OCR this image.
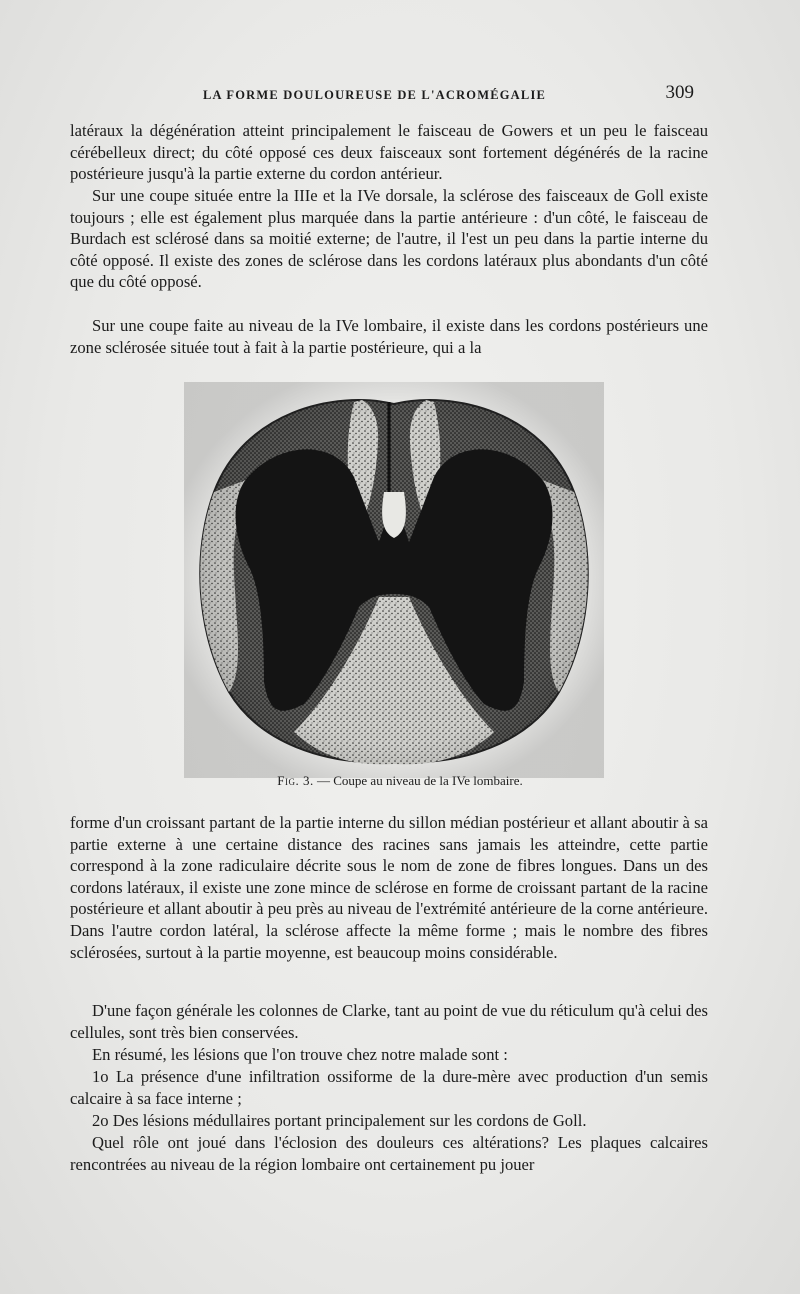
LA FORME DOULOUREUSE DE L'ACROMÉGALIE	309

latéraux la dégénération atteint principalement le faisceau de Gowers et un peu le faisceau cérébelleux direct; du côté opposé ces deux faisceaux sont fortement dégénérés de la racine postérieure jusqu'à la partie externe du cordon antérieur.

Sur une coupe située entre la IIIe et la IVe dorsale, la sclérose des faisceaux de Goll existe toujours ; elle est également plus marquée dans la partie antérieure : d'un côté, le faisceau de Burdach est sclérosé dans sa moitié externe; de l'autre, il l'est un peu dans la partie interne du côté opposé. Il existe des zones de sclérose dans les cordons latéraux plus abondants d'un côté que du côté opposé.

Sur une coupe faite au niveau de la IVe lombaire, il existe dans les cordons postérieurs une zone sclérosée située tout à fait à la partie postérieure, qui a la

Fig. 3. — Coupe au niveau de la IVe lombaire.

forme d'un croissant partant de la partie interne du sillon médian postérieur et allant aboutir à sa partie externe à une certaine distance des racines sans jamais les atteindre, cette partie correspond à la zone radiculaire décrite sous le nom de zone de fibres longues. Dans un des cordons latéraux, il existe une zone mince de sclérose en forme de croissant partant de la racine postérieure et allant aboutir à peu près au niveau de l'extrémité antérieure de la corne antérieure. Dans l'autre cordon latéral, la sclérose affecte la même forme ; mais le nombre des fibres sclérosées, surtout à la partie moyenne, est beaucoup moins considérable.

D'une façon générale les colonnes de Clarke, tant au point de vue du réticulum qu'à celui des cellules, sont très bien conservées.

En résumé, les lésions que l'on trouve chez notre malade sont :

1o La présence d'une infiltration ossiforme de la dure-mère avec production d'un semis calcaire à sa face interne ;

2o Des lésions médullaires portant principalement sur les cordons de Goll.

Quel rôle ont joué dans l'éclosion des douleurs ces altérations? Les plaques calcaires rencontrées au niveau de la région lombaire ont certainement pu jouer
